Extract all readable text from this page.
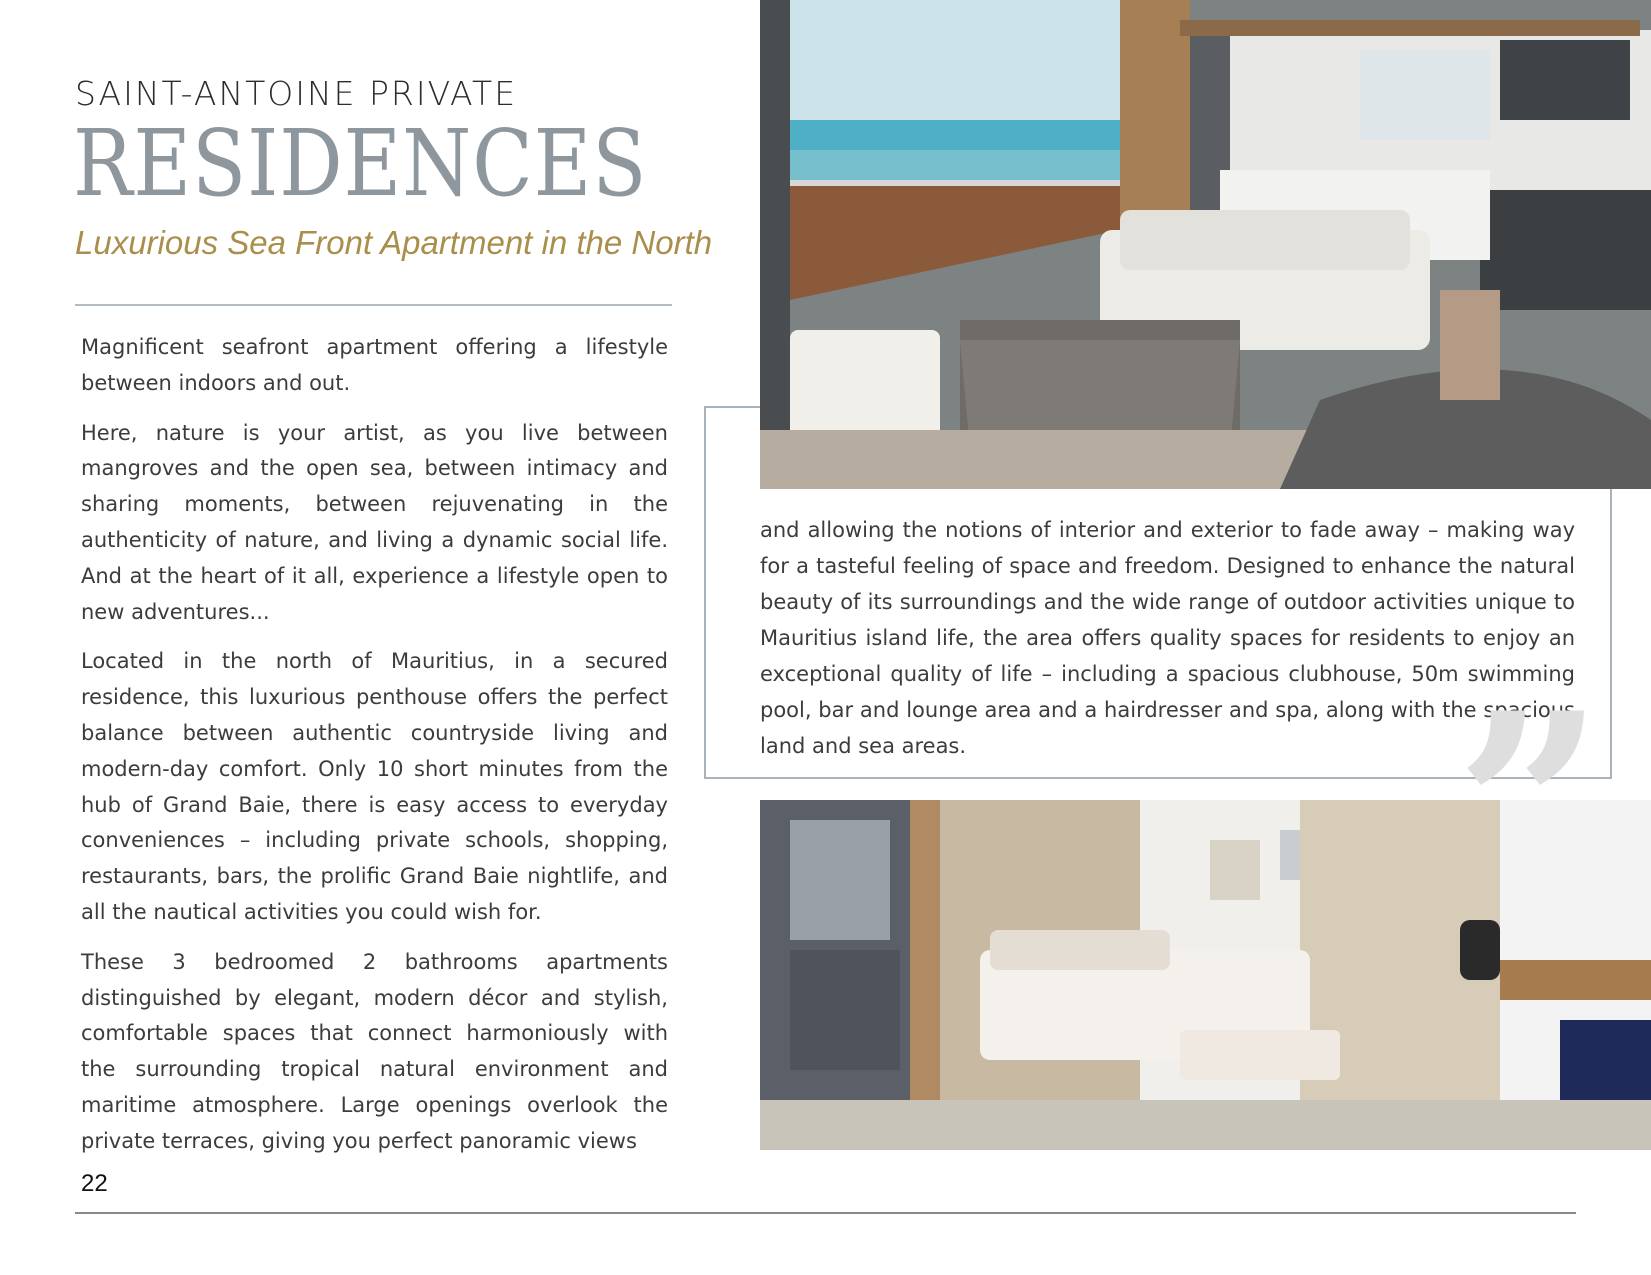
SAINT-ANTOINE PRIVATE
RESIDENCES
Luxurious Sea Front Apartment in the North

Magnificent seafront apartment offering a lifestyle between indoors and out.

Here, nature is your artist, as you live between mangroves and the open sea, between intimacy and sharing moments, between rejuvenating in the authenticity of nature, and living a dynamic social life. And at the heart of it all, experience a lifestyle open to new adventures...

Located in the north of Mauritius, in a secured residence, this luxurious penthouse offers the perfect balance between authentic countryside living and modern-day comfort. Only 10 short minutes from the hub of Grand Baie, there is easy access to everyday conveniences – including private schools, shopping, restaurants, bars, the prolific Grand Baie nightlife, and all the nautical activities you could wish for.

These 3 bedroomed 2 bathrooms apartments distinguished by elegant, modern décor and stylish, comfortable spaces that connect harmoniously with the surrounding tropical natural environment and maritime atmosphere. Large openings overlook the private terraces, giving you perfect panoramic views

and allowing the notions of interior and exterior to fade away – making way for a tasteful feeling of space and freedom. Designed to enhance the natural beauty of its surroundings and the wide range of outdoor activities unique to Mauritius island life, the area offers quality spaces for residents to enjoy an exceptional quality of life – including a spacious clubhouse, 50m swimming pool, bar and lounge area and a hairdresser and spa, along with the spacious land and sea areas.
22
